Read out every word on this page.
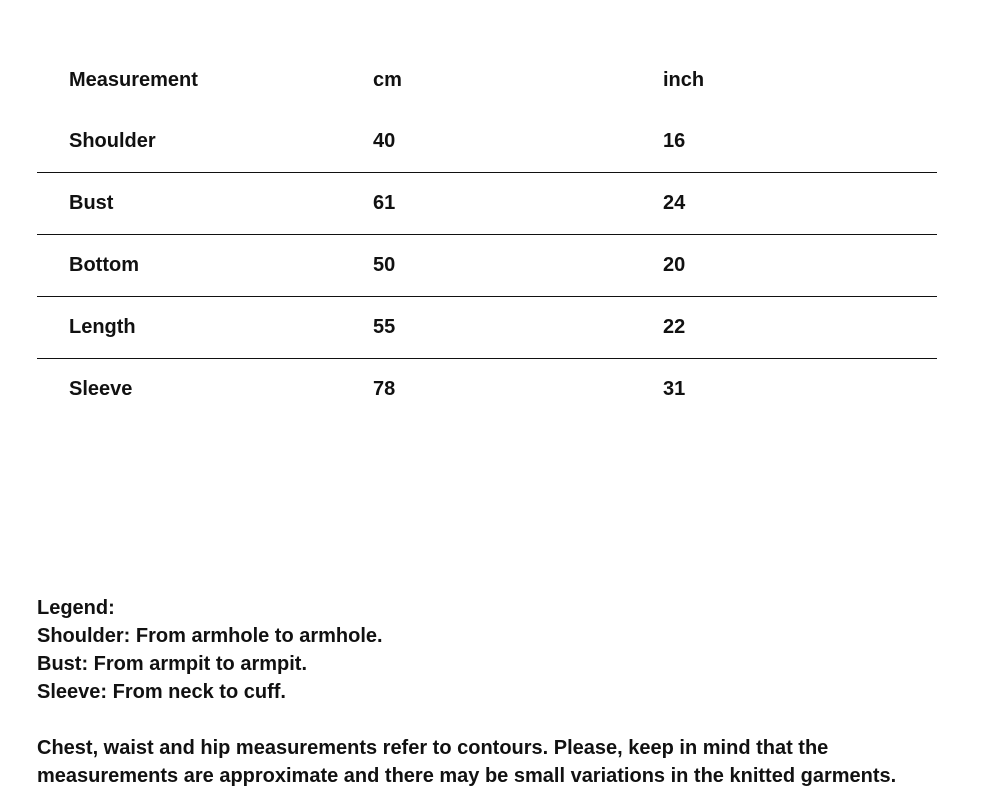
Measurement	cm	inch
Shoulder	40	16
Bust	61	24
Bottom	50	20
Length	55	22
Sleeve	78	31

Legend:

Shoulder: From armhole to armhole.

Bust: From armpit to armpit.

Sleeve: From neck to cuff.

Chest, waist and hip measurements refer to contours. Please, keep in mind that the

measurements are approximate and there may be small variations in the knitted garments.
